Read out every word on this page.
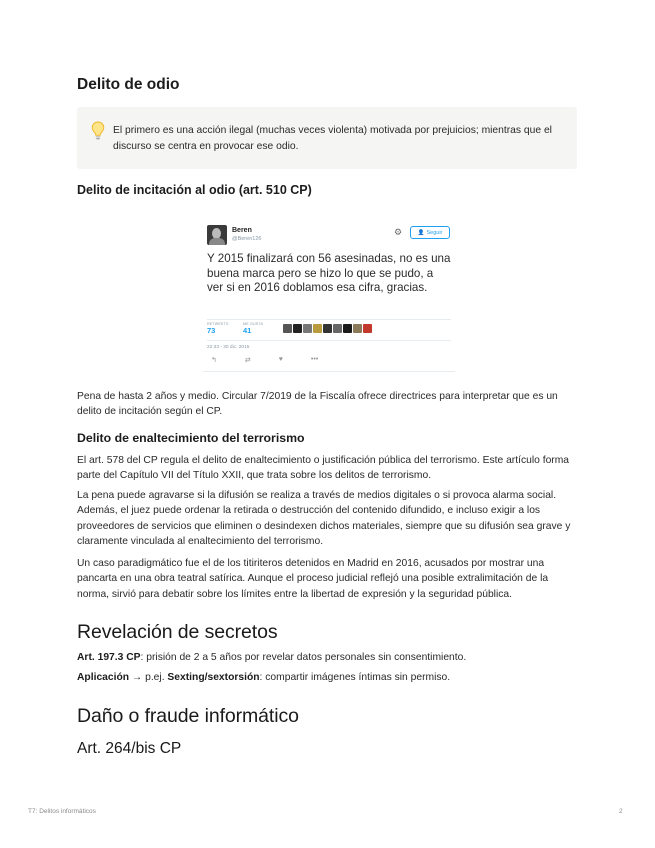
Delito de odio

El primero es una acción ilegal (muchas veces violenta) motivada por prejuicios; mientras que el discurso se centra en provocar ese odio.

Delito de incitación al odio (art. 510 CP)
Beren
@Beren126
⚙	👤 Seguir

Y 2015 finalizará con 56 asesinadas, no es una buena marca pero se hizo lo que se pudo, a ver si en 2016 doblamos esa cifra, gracias.

RETWEETS
73
ME GUSTA
41
22:33 - 30 dic. 2015
↰	⇄	♥	•••

Pena de hasta 2 años y medio. Circular 7/2019 de la Fiscalía ofrece directrices para interpretar que es un delito de incitación según el CP.

Delito de enaltecimiento del terrorismo

El art. 578 del CP regula el delito de enaltecimiento o justificación pública del terrorismo. Este artículo forma parte del Capítulo VII del Título XXII, que trata sobre los delitos de terrorismo.

La pena puede agravarse si la difusión se realiza a través de medios digitales o si provoca alarma social. Además, el juez puede ordenar la retirada o destrucción del contenido difundido, e incluso exigir a los proveedores de servicios que eliminen o desindexen dichos materiales, siempre que su difusión sea grave y claramente vinculada al enaltecimiento del terrorismo.

Un caso paradigmático fue el de los titiriteros detenidos en Madrid en 2016, acusados por mostrar una pancarta en una obra teatral satírica. Aunque el proceso judicial reflejó una posible extralimitación de la norma, sirvió para debatir sobre los límites entre la libertad de expresión y la seguridad pública.

Revelación de secretos

Art. 197.3 CP: prisión de 2 a 5 años por revelar datos personales sin consentimiento.

Aplicación → p.ej. Sexting/sextorsión: compartir imágenes íntimas sin permiso.

Daño o fraude informático
Art. 264/bis CP
T7: Delitos informáticos	2
